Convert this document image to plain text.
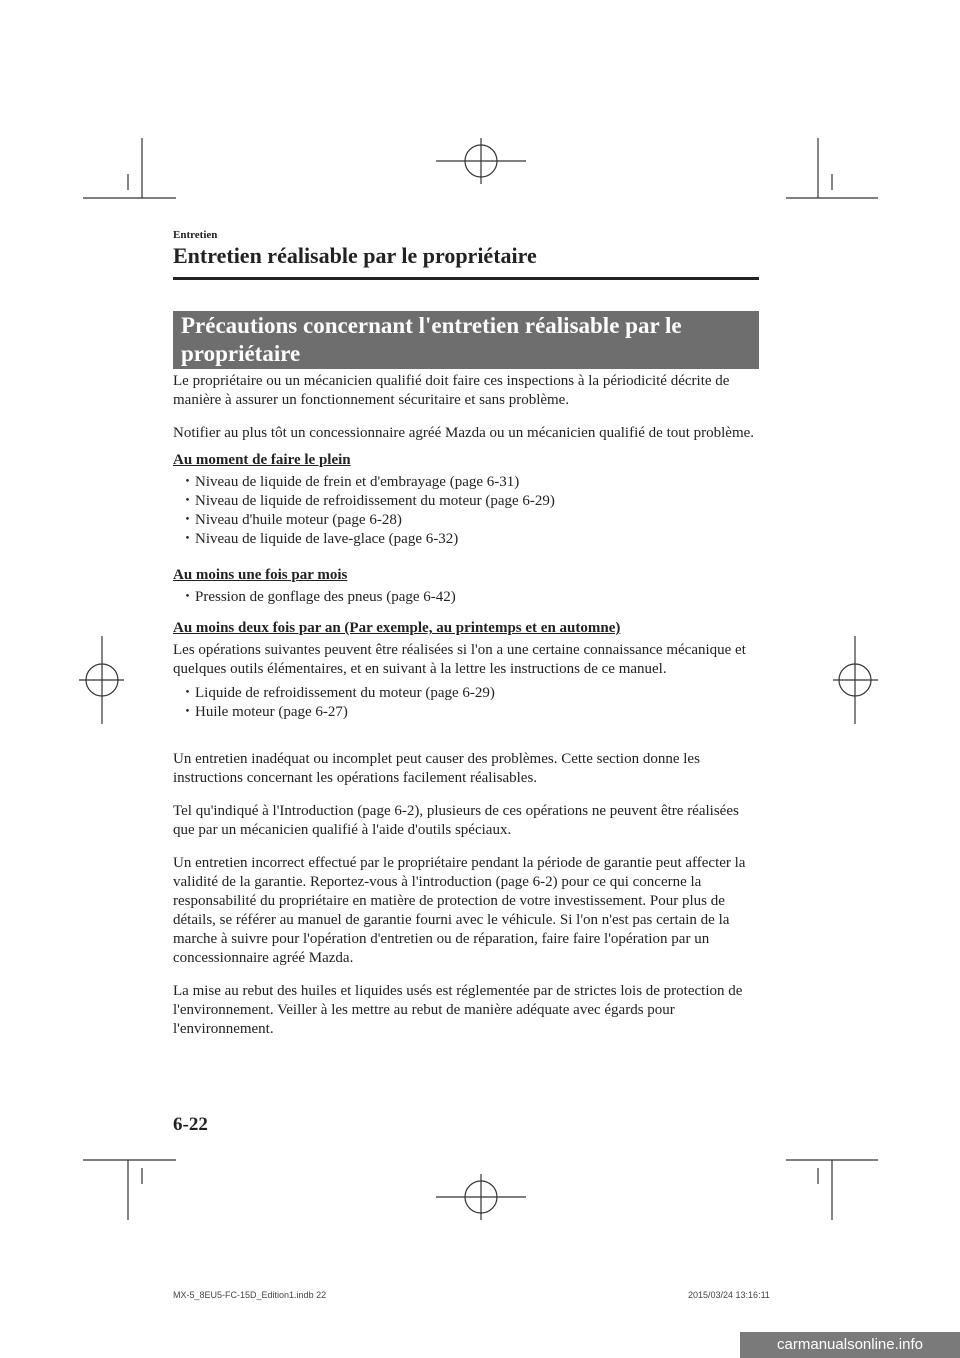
Entretien
Entretien réalisable par le propriétaire
Précautions concernant l'entretien réalisable par le
propriétaire

Le propriétaire ou un mécanicien qualifié doit faire ces inspections à la périodicité décrite de manière à assurer un fonctionnement sécuritaire et sans problème.

Notifier au plus tôt un concessionnaire agréé Mazda ou un mécanicien qualifié de tout problème.

Au moment de faire le plein
・ Niveau de liquide de frein et d'embrayage (page 6-31)
・ Niveau de liquide de refroidissement du moteur (page 6-29)
・ Niveau d'huile moteur (page 6-28)
・ Niveau de liquide de lave-glace (page 6-32)
Au moins une fois par mois
・ Pression de gonflage des pneus (page 6-42)
Au moins deux fois par an (Par exemple, au printemps et en automne)

Les opérations suivantes peuvent être réalisées si l'on a une certaine connaissance mécanique et quelques outils élémentaires, et en suivant à la lettre les instructions de ce manuel.

・ Liquide de refroidissement du moteur (page 6-29)
・ Huile moteur (page 6-27)

Un entretien inadéquat ou incomplet peut causer des problèmes. Cette section donne les instructions concernant les opérations facilement réalisables.

Tel qu'indiqué à l'Introduction (page 6-2), plusieurs de ces opérations ne peuvent être réalisées que par un mécanicien qualifié à l'aide d'outils spéciaux.

Un entretien incorrect effectué par le propriétaire pendant la période de garantie peut affecter la validité de la garantie. Reportez-vous à l'introduction (page 6-2) pour ce qui concerne la responsabilité du propriétaire en matière de protection de votre investissement. Pour plus de détails, se référer au manuel de garantie fourni avec le véhicule. Si l'on n'est pas certain de la marche à suivre pour l'opération d'entretien ou de réparation, faire faire l'opération par un concessionnaire agréé Mazda.

La mise au rebut des huiles et liquides usés est réglementée par de strictes lois de protection de l'environnement. Veiller à les mettre au rebut de manière adéquate avec égards pour l'environnement.

6-22
MX-5_8EU5-FC-15D_Edition1.indb 22	2015/03/24 13:16:11
carmanualsonline.info
